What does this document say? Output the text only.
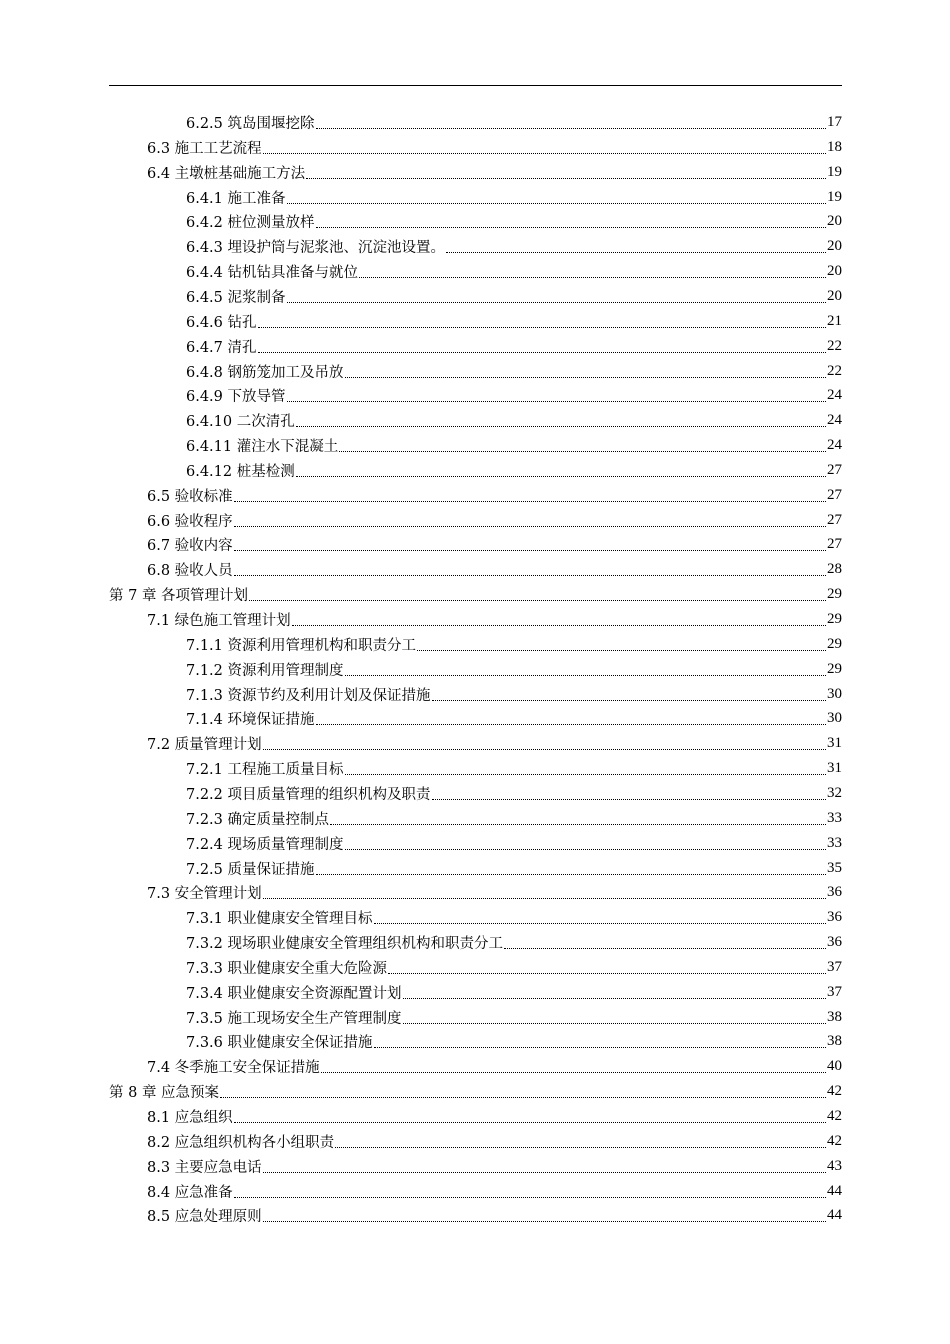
6.2.5 筑岛围堰挖除	17
6.3 施工工艺流程	18
6.4 主墩桩基础施工方法	19
6.4.1 施工准备	19
6.4.2 桩位测量放样	20
6.4.3 埋设护筒与泥浆池、沉淀池设置。	20
6.4.4 钻机钻具准备与就位	20
6.4.5 泥浆制备	20
6.4.6 钻孔	21
6.4.7 清孔	22
6.4.8 钢筋笼加工及吊放	22
6.4.9 下放导管	24
6.4.10 二次清孔	24
6.4.11 灌注水下混凝土	24
6.4.12 桩基检测	27
6.5 验收标准	27
6.6 验收程序	27
6.7 验收内容	27
6.8 验收人员	28
第 7 章 各项管理计划	29
7.1 绿色施工管理计划	29
7.1.1 资源利用管理机构和职责分工	29
7.1.2 资源利用管理制度	29
7.1.3 资源节约及利用计划及保证措施	30
7.1.4 环境保证措施	30
7.2 质量管理计划	31
7.2.1 工程施工质量目标	31
7.2.2 项目质量管理的组织机构及职责	32
7.2.3 确定质量控制点	33
7.2.4 现场质量管理制度	33
7.2.5 质量保证措施	35
7.3 安全管理计划	36
7.3.1 职业健康安全管理目标	36
7.3.2 现场职业健康安全管理组织机构和职责分工	36
7.3.3 职业健康安全重大危险源	37
7.3.4 职业健康安全资源配置计划	37
7.3.5 施工现场安全生产管理制度	38
7.3.6 职业健康安全保证措施	38
7.4 冬季施工安全保证措施	40
第 8 章 应急预案	42
8.1 应急组织	42
8.2 应急组织机构各小组职责	42
8.3 主要应急电话	43
8.4 应急准备	44
8.5 应急处理原则	44
